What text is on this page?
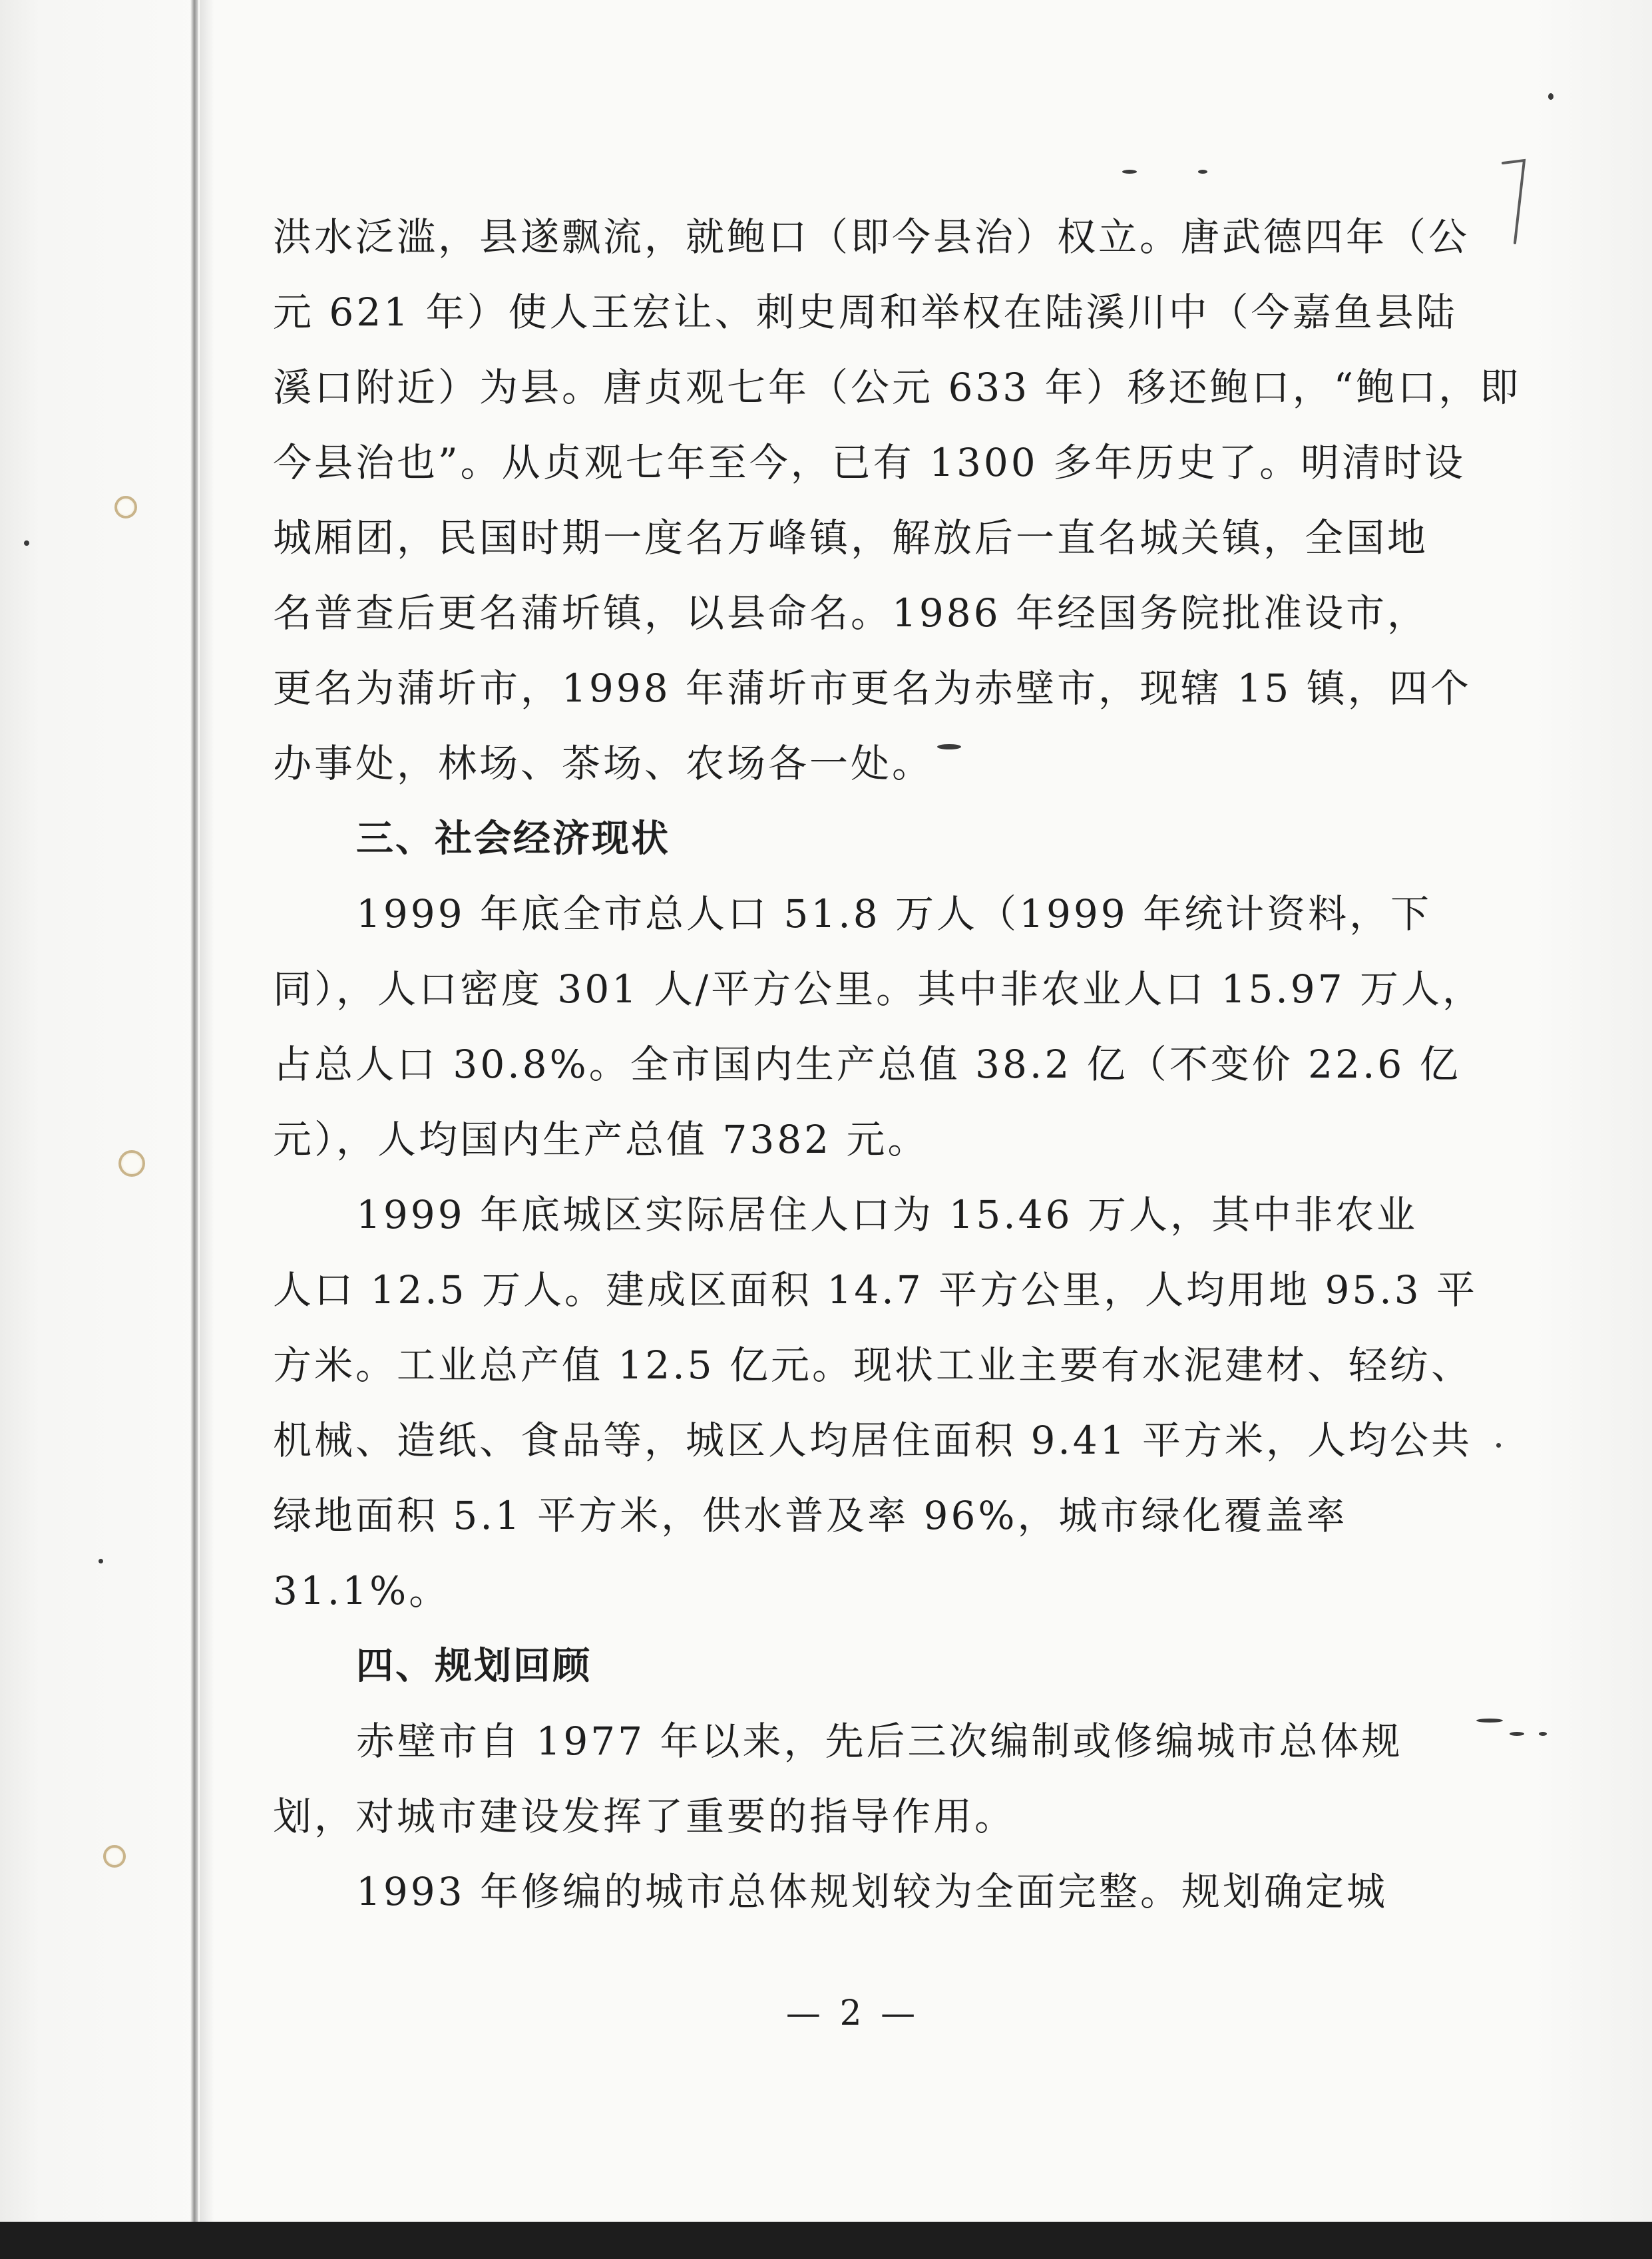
洪水泛滥，县遂飘流，就鲍口（即今县治）权立。唐武德四年（公
元 621 年）使人王宏让、刺史周和举权在陆溪川中（今嘉鱼县陆
溪口附近）为县。唐贞观七年（公元 633 年）移还鲍口，“鲍口，即
今县治也”。从贞观七年至今，已有 1300 多年历史了。明清时设
城厢团，民国时期一度名万峰镇，解放后一直名城关镇，全国地
名普查后更名蒲圻镇，以县命名。1986 年经国务院批准设市，
更名为蒲圻市，1998 年蒲圻市更名为赤壁市，现辖 15 镇，四个
办事处，林场、茶场、农场各一处。
三、社会经济现状
1999 年底全市总人口 51.8 万人（1999 年统计资料，下
同），人口密度 301 人/平方公里。其中非农业人口 15.97 万人，
占总人口 30.8%。全市国内生产总值 38.2 亿（不变价 22.6 亿
元），人均国内生产总值 7382 元。
1999 年底城区实际居住人口为 15.46 万人，其中非农业
人口 12.5 万人。建成区面积 14.7 平方公里，人均用地 95.3 平
方米。工业总产值 12.5 亿元。现状工业主要有水泥建材、轻纺、
机械、造纸、食品等，城区人均居住面积 9.41 平方米，人均公共
绿地面积 5.1 平方米，供水普及率 96%，城市绿化覆盖率
31.1%。
四、规划回顾
赤壁市自 1977 年以来，先后三次编制或修编城市总体规
划，对城市建设发挥了重要的指导作用。
1993 年修编的城市总体规划较为全面完整。规划确定城
— 2 —
